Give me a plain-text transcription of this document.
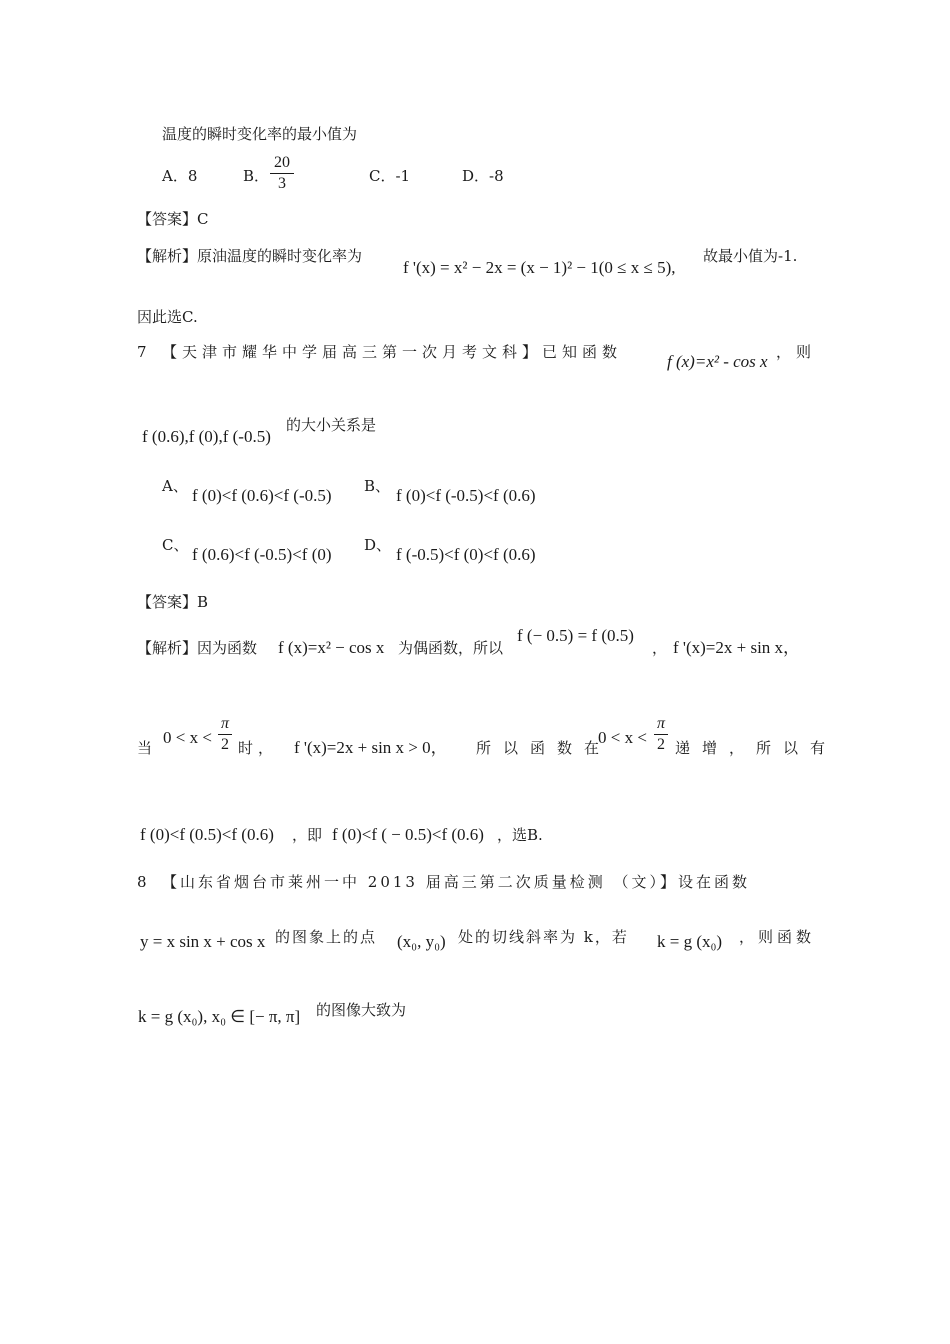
温度的瞬时变化率的最小值为
A．8	B．
20
3	C．-1	D．-8
【答案】C
【解析】原油温度的瞬时变化率为
f '(x) = x² − 2x = (x − 1)² − 1(0 ≤ x ≤ 5),
故最小值为-1.
因此选C.
7 【天津市耀华中学届高三第一次月考文科】已知函数	f (x)=x² - cos x ，则
f (0.6),f (0),f (-0.5)
的大小关系是
A、 f (0)<f (0.6)<f (-0.5) B、 f (0)<f (-0.5)<f (0.6)
C、 f (0.6)<f (-0.5)<f (0) D、 f (-0.5)<f (0)<f (0.6)
【答案】B
【解析】因为函数 f (x)=x² − cos x 为偶函数，所以
f (− 0.5) = f (0.5)
， f '(x)=2x + sin x，
当
0 < x <
π
2 时， f '(x)=2x + sin x > 0， 所以函数在
0 < x <
π
2 递增，所以有
f (0)<f (0.5)<f (0.6) ，即 f (0)<f ( − 0.5)<f (0.6) ，选B.
8 【山东省烟台市莱州一中 2013 届高三第二次质量检测 （文）】设在函数
y = x sin x + cos x 的图象上的点 (x₀, y₀) 处的切线斜率为 k，若 k = g (x₀) ，则函数
k = g (x₀), x₀ ∈ [− π, π] 的图像大致为
